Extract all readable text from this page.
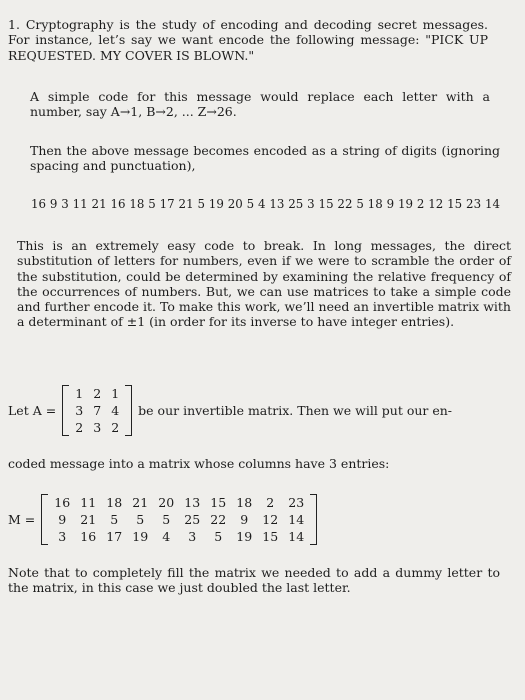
1. Cryptography is the study of encoding and decoding secret messages. For instance, let’s say we want encode the following message: "PICK UP REQUESTED. MY COVER IS BLOWN."
A simple code for this message would replace each letter with a number, say A→1, B→2, ... Z→26.
Then the above message becomes encoded as a string of digits (ignoring spacing and punctuation),
16 9 3 11 21 16 18 5 17 21 5 19 20 5 4 13 25 3 15 22 5 18 9 19 2 12 15 23 14
This is an extremely easy code to break. In long messages, the direct substitution of letters for numbers, even if we were to scramble the order of the substitution, could be determined by examining the relative frequency of the occurrences of numbers. But, we can use matrices to take a simple code and further encode it. To make this work, we’ll need an invertible matrix with a determinant of ±1 (in order for its inverse to have integer entries).
Let A =
1	2	1
3	7	4
2	3	2
be our invertible matrix. Then we will put our en-
coded message into a matrix whose columns have 3 entries:
M =
16	11	18	21	20	13	15	18	2	23
9	21	5	5	5	25	22	9	12	14
3	16	17	19	4	3	5	19	15	14
Note that to completely fill the matrix we needed to add a dummy letter to the matrix, in this case we just doubled the last letter.
